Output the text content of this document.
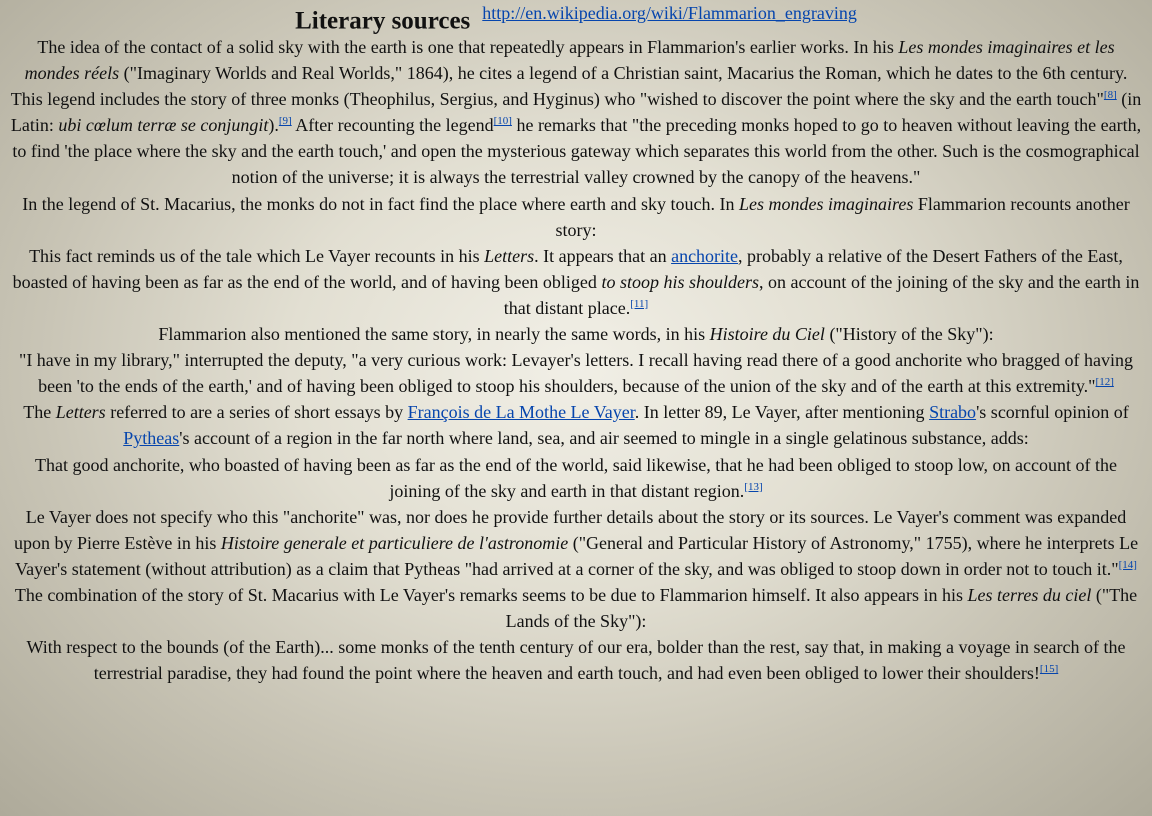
Literary sources http://en.wikipedia.org/wiki/Flammarion_engraving

The idea of the contact of a solid sky with the earth is one that repeatedly appears in Flammarion's earlier works. In his Les mondes imaginaires et les mondes réels ("Imaginary Worlds and Real Worlds," 1864), he cites a legend of a Christian saint, Macarius the Roman, which he dates to the 6th century. This legend includes the story of three monks (Theophilus, Sergius, and Hyginus) who "wished to discover the point where the sky and the earth touch"[8] (in Latin: ubi cœlum terræ se conjungit).[9] After recounting the legend[10] he remarks that "the preceding monks hoped to go to heaven without leaving the earth, to find 'the place where the sky and the earth touch,' and open the mysterious gateway which separates this world from the other. Such is the cosmographical notion of the universe; it is always the terrestrial valley crowned by the canopy of the heavens."

In the legend of St. Macarius, the monks do not in fact find the place where earth and sky touch. In Les mondes imaginaires Flammarion recounts another story:

This fact reminds us of the tale which Le Vayer recounts in his Letters. It appears that an anchorite, probably a relative of the Desert Fathers of the East, boasted of having been as far as the end of the world, and of having been obliged to stoop his shoulders, on account of the joining of the sky and the earth in that distant place.[11]

Flammarion also mentioned the same story, in nearly the same words, in his Histoire du Ciel ("History of the Sky"):

"I have in my library," interrupted the deputy, "a very curious work: Levayer's letters. I recall having read there of a good anchorite who bragged of having been 'to the ends of the earth,' and of having been obliged to stoop his shoulders, because of the union of the sky and of the earth at this extremity."[12]

The Letters referred to are a series of short essays by François de La Mothe Le Vayer. In letter 89, Le Vayer, after mentioning Strabo's scornful opinion of Pytheas's account of a region in the far north where land, sea, and air seemed to mingle in a single gelatinous substance, adds:

That good anchorite, who boasted of having been as far as the end of the world, said likewise, that he had been obliged to stoop low, on account of the joining of the sky and earth in that distant region.[13]

Le Vayer does not specify who this "anchorite" was, nor does he provide further details about the story or its sources. Le Vayer's comment was expanded upon by Pierre Estève in his Histoire generale et particuliere de l'astronomie ("General and Particular History of Astronomy," 1755), where he interprets Le Vayer's statement (without attribution) as a claim that Pytheas "had arrived at a corner of the sky, and was obliged to stoop down in order not to touch it."[14]

The combination of the story of St. Macarius with Le Vayer's remarks seems to be due to Flammarion himself. It also appears in his Les terres du ciel ("The Lands of the Sky"):

With respect to the bounds (of the Earth)... some monks of the tenth century of our era, bolder than the rest, say that, in making a voyage in search of the terrestrial paradise, they had found the point where the heaven and earth touch, and had even been obliged to lower their shoulders![15]
